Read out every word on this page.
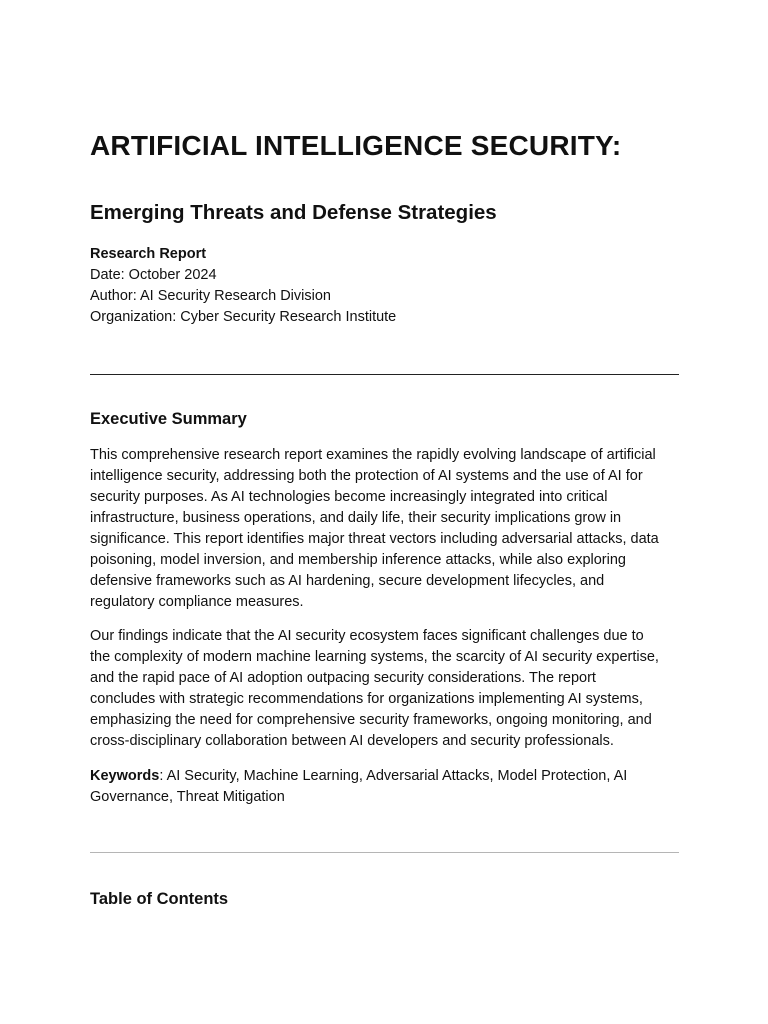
ARTIFICIAL INTELLIGENCE SECURITY:
Emerging Threats and Defense Strategies
Research Report
Date: October 2024
Author: AI Security Research Division
Organization: Cyber Security Research Institute
Executive Summary

This comprehensive research report examines the rapidly evolving landscape of artificial
intelligence security, addressing both the protection of AI systems and the use of AI for
security purposes. As AI technologies become increasingly integrated into critical
infrastructure, business operations, and daily life, their security implications grow in
significance. This report identifies major threat vectors including adversarial attacks, data
poisoning, model inversion, and membership inference attacks, while also exploring
defensive frameworks such as AI hardening, secure development lifecycles, and
regulatory compliance measures.

Our findings indicate that the AI security ecosystem faces significant challenges due to
the complexity of modern machine learning systems, the scarcity of AI security expertise,
and the rapid pace of AI adoption outpacing security considerations. The report
concludes with strategic recommendations for organizations implementing AI systems,
emphasizing the need for comprehensive security frameworks, ongoing monitoring, and
cross-disciplinary collaboration between AI developers and security professionals.

Keywords: AI Security, Machine Learning, Adversarial Attacks, Model Protection, AI
Governance, Threat Mitigation

Table of Contents
